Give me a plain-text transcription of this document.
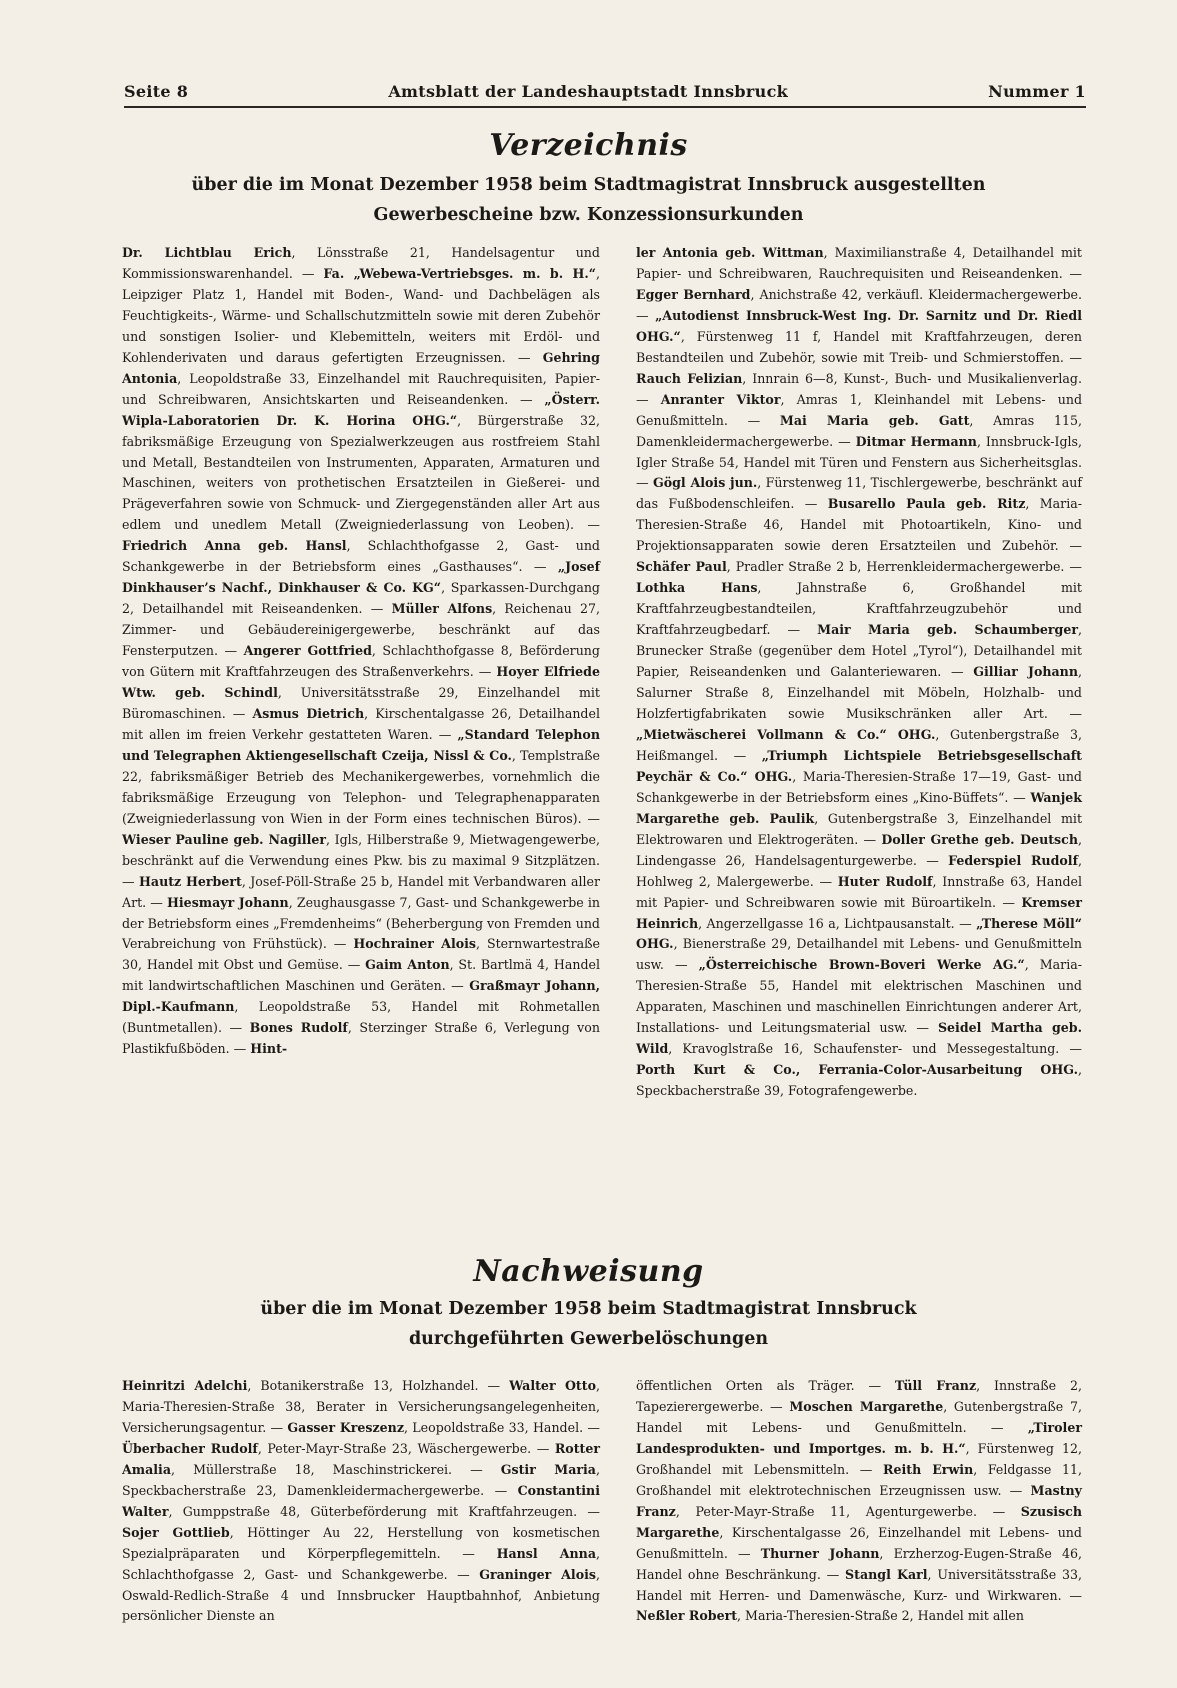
Seite 8	Amtsblatt der Landeshauptstadt Innsbruck	Nummer 1
Verzeichnis
über die im Monat Dezember 1958 beim Stadtmagistrat Innsbruck ausgestellten
Gewerbescheine bzw. Konzessionsurkunden
Dr. Lichtblau Erich, Lönsstraße 21, Handelsagentur und Kommissionswarenhandel. — Fa. „Webewa-Vertriebsges. m. b. H.“, Leipziger Platz 1, Handel mit Boden-, Wand- und Dachbelägen als Feuchtigkeits-, Wärme- und Schallschutzmitteln sowie mit deren Zubehör und sonstigen Isolier- und Klebemitteln, weiters mit Erdöl- und Kohlenderivaten und daraus gefertigten Erzeugnissen. — Gehring Antonia, Leopoldstraße 33, Einzelhandel mit Rauchrequisiten, Papier- und Schreibwaren, Ansichtskarten und Reiseandenken. — „Österr. Wipla-Laboratorien Dr. K. Horina OHG.“, Bürgerstraße 32, fabriksmäßige Erzeugung von Spezialwerkzeugen aus rostfreiem Stahl und Metall, Bestandteilen von Instrumenten, Apparaten, Armaturen und Maschinen, weiters von prothetischen Ersatzteilen in Gießerei- und Prägeverfahren sowie von Schmuck- und Ziergegenständen aller Art aus edlem und unedlem Metall (Zweigniederlassung von Leoben). — Friedrich Anna geb. Hansl, Schlachthofgasse 2, Gast- und Schankgewerbe in der Betriebsform eines „Gasthauses“. — „Josef Dinkhauser’s Nachf., Dinkhauser & Co. KG“, Sparkassen-Durchgang 2, Detailhandel mit Reiseandenken. — Müller Alfons, Reichenau 27, Zimmer- und Gebäudereinigergewerbe, beschränkt auf das Fensterputzen. — Angerer Gottfried, Schlachthofgasse 8, Beförderung von Gütern mit Kraftfahrzeugen des Straßenverkehrs. — Hoyer Elfriede Wtw. geb. Schindl, Universitätsstraße 29, Einzelhandel mit Büromaschinen. — Asmus Dietrich, Kirschentalgasse 26, Detailhandel mit allen im freien Verkehr gestatteten Waren. — „Standard Telephon und Telegraphen Aktiengesellschaft Czeija, Nissl & Co., Templstraße 22, fabriksmäßiger Betrieb des Mechanikergewerbes, vornehmlich die fabriksmäßige Erzeugung von Telephon- und Telegraphenapparaten (Zweigniederlassung von Wien in der Form eines technischen Büros). — Wieser Pauline geb. Nagiller, Igls, Hilberstraße 9, Mietwagengewerbe, beschränkt auf die Verwendung eines Pkw. bis zu maximal 9 Sitzplätzen. — Hautz Herbert, Josef-Pöll-Straße 25 b, Handel mit Verbandwaren aller Art. — Hiesmayr Johann, Zeughausgasse 7, Gast- und Schankgewerbe in der Betriebsform eines „Fremdenheims“ (Beherbergung von Fremden und Verabreichung von Frühstück). — Hochrainer Alois, Sternwartestraße 30, Handel mit Obst und Gemüse. — Gaim Anton, St. Bartlmä 4, Handel mit landwirtschaftlichen Maschinen und Geräten. — Graßmayr Johann, Dipl.-Kaufmann, Leopoldstraße 53, Handel mit Rohmetallen (Buntmetallen). — Bones Rudolf, Sterzinger Straße 6, Verlegung von Plastikfußböden. — Hint-
ler Antonia geb. Wittman, Maximilianstraße 4, Detailhandel mit Papier- und Schreibwaren, Rauchrequisiten und Reiseandenken. — Egger Bernhard, Anichstraße 42, verkäufl. Kleidermachergewerbe. — „Autodienst Innsbruck-West Ing. Dr. Sarnitz und Dr. Riedl OHG.“, Fürstenweg 11 f, Handel mit Kraftfahrzeugen, deren Bestandteilen und Zubehör, sowie mit Treib- und Schmierstoffen. — Rauch Felizian, Innrain 6—8, Kunst-, Buch- und Musikalienverlag. — Anranter Viktor, Amras 1, Kleinhandel mit Lebens- und Genußmitteln. — Mai Maria geb. Gatt, Amras 115, Damenkleidermachergewerbe. — Ditmar Hermann, Innsbruck-Igls, Igler Straße 54, Handel mit Türen und Fenstern aus Sicherheitsglas. — Gögl Alois jun., Fürstenweg 11, Tischlergewerbe, beschränkt auf das Fußbodenschleifen. — Busarello Paula geb. Ritz, Maria-Theresien-Straße 46, Handel mit Photoartikeln, Kino- und Projektionsapparaten sowie deren Ersatzteilen und Zubehör. — Schäfer Paul, Pradler Straße 2 b, Herrenkleidermachergewerbe. — Lothka Hans, Jahnstraße 6, Großhandel mit Kraftfahrzeugbestandteilen, Kraftfahrzeugzubehör und Kraftfahrzeugbedarf. — Mair Maria geb. Schaumberger, Brunecker Straße (gegenüber dem Hotel „Tyrol“), Detailhandel mit Papier, Reiseandenken und Galanteriewaren. — Gilliar Johann, Salurner Straße 8, Einzelhandel mit Möbeln, Holzhalb- und Holzfertigfabrikaten sowie Musikschränken aller Art. — „Mietwäscherei Vollmann & Co.“ OHG., Gutenbergstraße 3, Heißmangel. — „Triumph Lichtspiele Betriebsgesellschaft Peychär & Co.“ OHG., Maria-Theresien-Straße 17—19, Gast- und Schankgewerbe in der Betriebsform eines „Kino-Büffets“. — Wanjek Margarethe geb. Paulik, Gutenbergstraße 3, Einzelhandel mit Elektrowaren und Elektrogeräten. — Doller Grethe geb. Deutsch, Lindengasse 26, Handelsagenturgewerbe. — Federspiel Rudolf, Hohlweg 2, Malergewerbe. — Huter Rudolf, Innstraße 63, Handel mit Papier- und Schreibwaren sowie mit Büroartikeln. — Kremser Heinrich, Angerzellgasse 16 a, Lichtpausanstalt. — „Therese Möll“ OHG., Bienerstraße 29, Detailhandel mit Lebens- und Genußmitteln usw. — „Österreichische Brown-Boveri Werke AG.“, Maria-Theresien-Straße 55, Handel mit elektrischen Maschinen und Apparaten, Maschinen und maschinellen Einrichtungen anderer Art, Installations- und Leitungsmaterial usw. — Seidel Martha geb. Wild, Kravoglstraße 16, Schaufenster- und Messegestaltung. — Porth Kurt & Co., Ferrania-Color-Ausarbeitung OHG., Speckbacherstraße 39, Fotografengewerbe.
Nachweisung
über die im Monat Dezember 1958 beim Stadtmagistrat Innsbruck
durchgeführten Gewerbelöschungen
Heinritzi Adelchi, Botanikerstraße 13, Holzhandel. — Walter Otto, Maria-Theresien-Straße 38, Berater in Versicherungsangelegenheiten, Versicherungsagentur. — Gasser Kreszenz, Leopoldstraße 33, Handel. — Überbacher Rudolf, Peter-Mayr-Straße 23, Wäschergewerbe. — Rotter Amalia, Müllerstraße 18, Maschinstrickerei. — Gstir Maria, Speckbacherstraße 23, Damenkleidermachergewerbe. — Constantini Walter, Gumppstraße 48, Güterbeförderung mit Kraftfahrzeugen. — Sojer Gottlieb, Höttinger Au 22, Herstellung von kosmetischen Spezialpräparaten und Körperpflegemitteln. — Hansl Anna, Schlachthofgasse 2, Gast- und Schankgewerbe. — Graninger Alois, Oswald-Redlich-Straße 4 und Innsbrucker Hauptbahnhof, Anbietung persönlicher Dienste an
öffentlichen Orten als Träger. — Tüll Franz, Innstraße 2, Tapezierergewerbe. — Moschen Margarethe, Gutenbergstraße 7, Handel mit Lebens- und Genußmitteln. — „Tiroler Landesprodukten- und Importges. m. b. H.“, Fürstenweg 12, Großhandel mit Lebensmitteln. — Reith Erwin, Feldgasse 11, Großhandel mit elektrotechnischen Erzeugnissen usw. — Mastny Franz, Peter-Mayr-Straße 11, Agenturgewerbe. — Szusisch Margarethe, Kirschentalgasse 26, Einzelhandel mit Lebens- und Genußmitteln. — Thurner Johann, Erzherzog-Eugen-Straße 46, Handel ohne Beschränkung. — Stangl Karl, Universitätsstraße 33, Handel mit Herren- und Damenwäsche, Kurz- und Wirkwaren. — Neßler Robert, Maria-Theresien-Straße 2, Handel mit allen
